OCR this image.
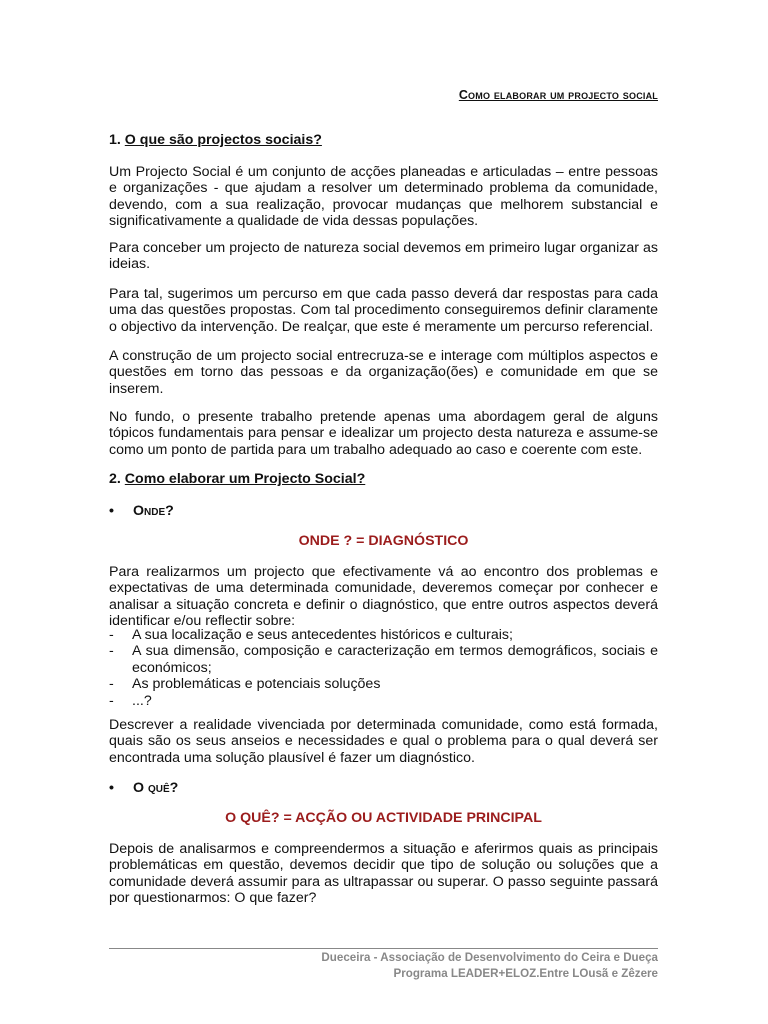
Como elaborar um projecto social
1. O que são projectos sociais?
Um Projecto Social é um conjunto de acções planeadas e articuladas – entre pessoas e organizações - que ajudam a resolver um determinado problema da comunidade, devendo, com a sua realização, provocar mudanças que melhorem substancial e significativamente a qualidade de vida dessas populações.
Para conceber um projecto de natureza social devemos em primeiro lugar organizar as ideias.
Para tal, sugerimos um percurso em que cada passo deverá dar respostas para cada uma das questões propostas. Com tal procedimento conseguiremos definir claramente o objectivo da intervenção. De realçar, que este é meramente um percurso referencial.
A construção de um projecto social entrecruza-se e interage com múltiplos aspectos e questões em torno das pessoas e da organização(ões) e comunidade em que se inserem.
No fundo, o presente trabalho pretende apenas uma abordagem geral de alguns tópicos fundamentais para pensar e idealizar um projecto desta natureza e assume-se como um ponto de partida para um trabalho adequado ao caso e coerente com este.
2. Como elaborar um Projecto Social?
• Onde?
ONDE ? = DIAGNÓSTICO
Para realizarmos um projecto que efectivamente vá ao encontro dos problemas e expectativas de uma determinada comunidade, deveremos começar por conhecer e analisar a situação concreta e definir o diagnóstico, que entre outros aspectos deverá identificar e/ou reflectir sobre:
- A sua localização e seus antecedentes históricos e culturais;
- A sua dimensão, composição e caracterização em termos demográficos, sociais e económicos;
- As problemáticas e potenciais soluções
- ...?
Descrever a realidade vivenciada por determinada comunidade, como está formada, quais são os seus anseios e necessidades e qual o problema para o qual deverá ser encontrada uma solução plausível é fazer um diagnóstico.
• O quê?
O QUÊ? = ACÇÃO OU ACTIVIDADE PRINCIPAL
Depois de analisarmos e compreendermos a situação e aferirmos quais as principais problemáticas em questão, devemos decidir que tipo de solução ou soluções que a comunidade deverá assumir para as ultrapassar ou superar. O passo seguinte passará por questionarmos: O que fazer?
Dueceira - Associação de Desenvolvimento do Ceira e Dueça
Programa LEADER+ELOZ.Entre LOusã e Zêzere
